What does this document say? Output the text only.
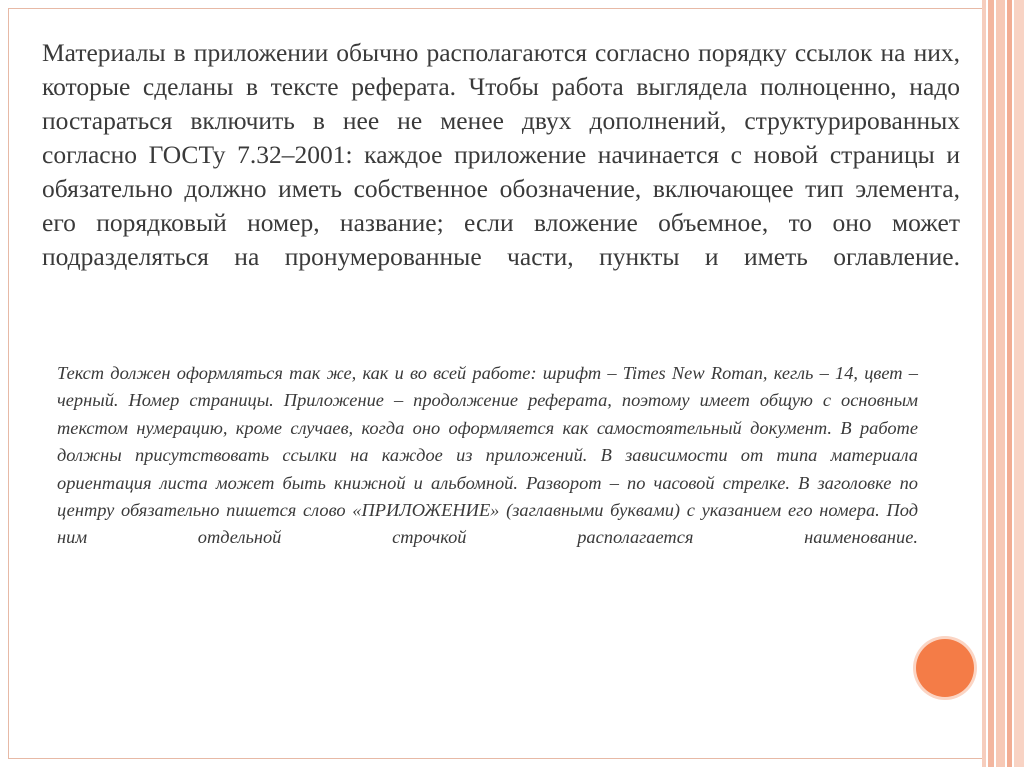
Материалы в приложении обычно располагаются согласно порядку ссылок на них, которые сделаны в тексте реферата. Чтобы работа выглядела полноценно, надо постараться включить в нее не менее двух дополнений, структурированных согласно ГОСТу 7.32–2001: каждое приложение начинается с новой страницы и обязательно должно иметь собственное обозначение, включающее тип элемента, его порядковый номер, название; если вложение объемное, то оно может подразделяться на пронумерованные части, пункты и иметь оглавление.

Текст должен оформляться так же, как и во всей работе: шрифт – Times New Roman, кегль – 14, цвет – черный. Номер страницы. Приложение – продолжение реферата, поэтому имеет общую с основным текстом нумерацию, кроме случаев, когда оно оформляется как самостоятельный документ. В работе должны присутствовать ссылки на каждое из приложений. В зависимости от типа материала ориентация листа может быть книжной и альбомной. Разворот – по часовой стрелке. В заголовке по центру обязательно пишется слово «ПРИЛОЖЕНИЕ» (заглавными буквами) с указанием его номера. Под ним отдельной строчкой располагается наименование.
